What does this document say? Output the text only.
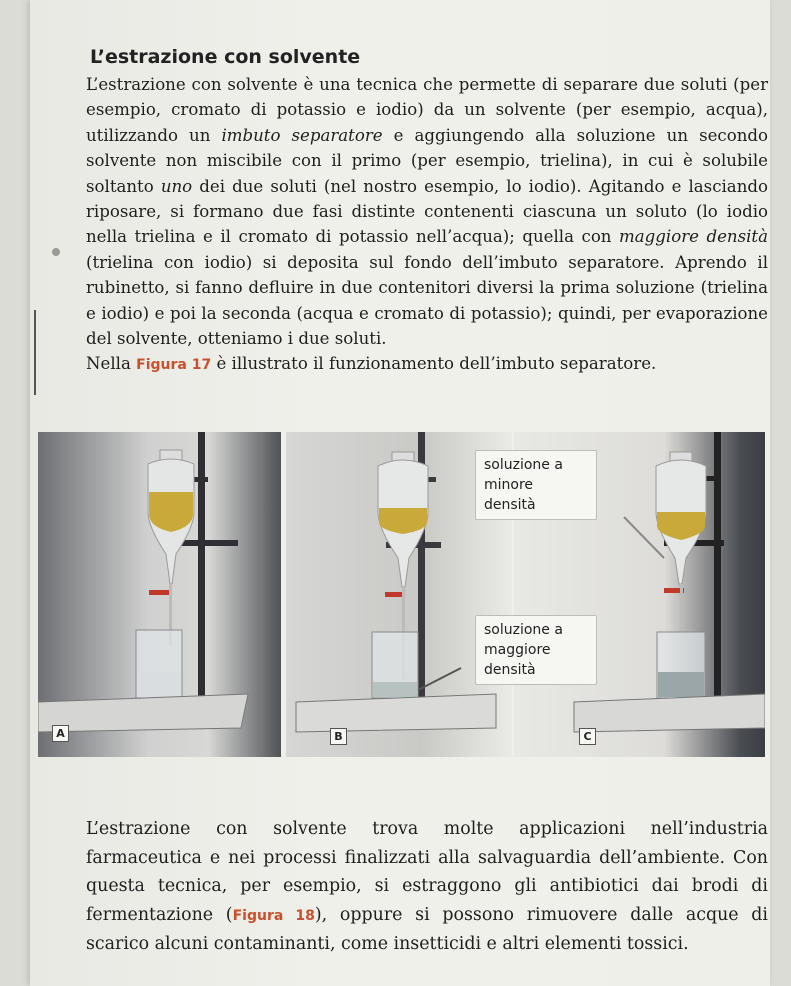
L’estrazione con solvente
L’estrazione con solvente è una tecnica che permette di separare due soluti (per esempio, cromato di potassio e iodio) da un solvente (per esempio, acqua), utilizzando un imbuto separatore e aggiungendo alla soluzione un secondo solvente non miscibile con il primo (per esempio, trielina), in cui è solubile soltanto uno dei due soluti (nel nostro esempio, lo iodio). Agitando e lasciando riposare, si formano due fasi distinte contenenti ciascuna un soluto (lo iodio nella trielina e il cromato di potassio nell’acqua); quella con maggiore densità (trielina con iodio) si deposita sul fondo dell’imbuto separatore. Aprendo il rubinetto, si fanno defluire in due contenitori diversi la prima soluzione (trielina e iodio) e poi la seconda (acqua e cromato di potassio); quindi, per evaporazione del solvente, otteniamo i due soluti.
Nella Figura 17 è illustrato il funzionamento dell’imbuto separatore.
A	B	C
soluzione a minore densità
soluzione a maggiore densità
L’estrazione con solvente trova molte applicazioni nell’industria farmaceutica e nei processi finalizzati alla salvaguardia dell’ambiente. Con questa tecnica, per esempio, si estraggono gli antibiotici dai brodi di fermentazione (Figura 18), oppure si possono rimuovere dalle acque di scarico alcuni contaminanti, come insetticidi e altri elementi tossici.
